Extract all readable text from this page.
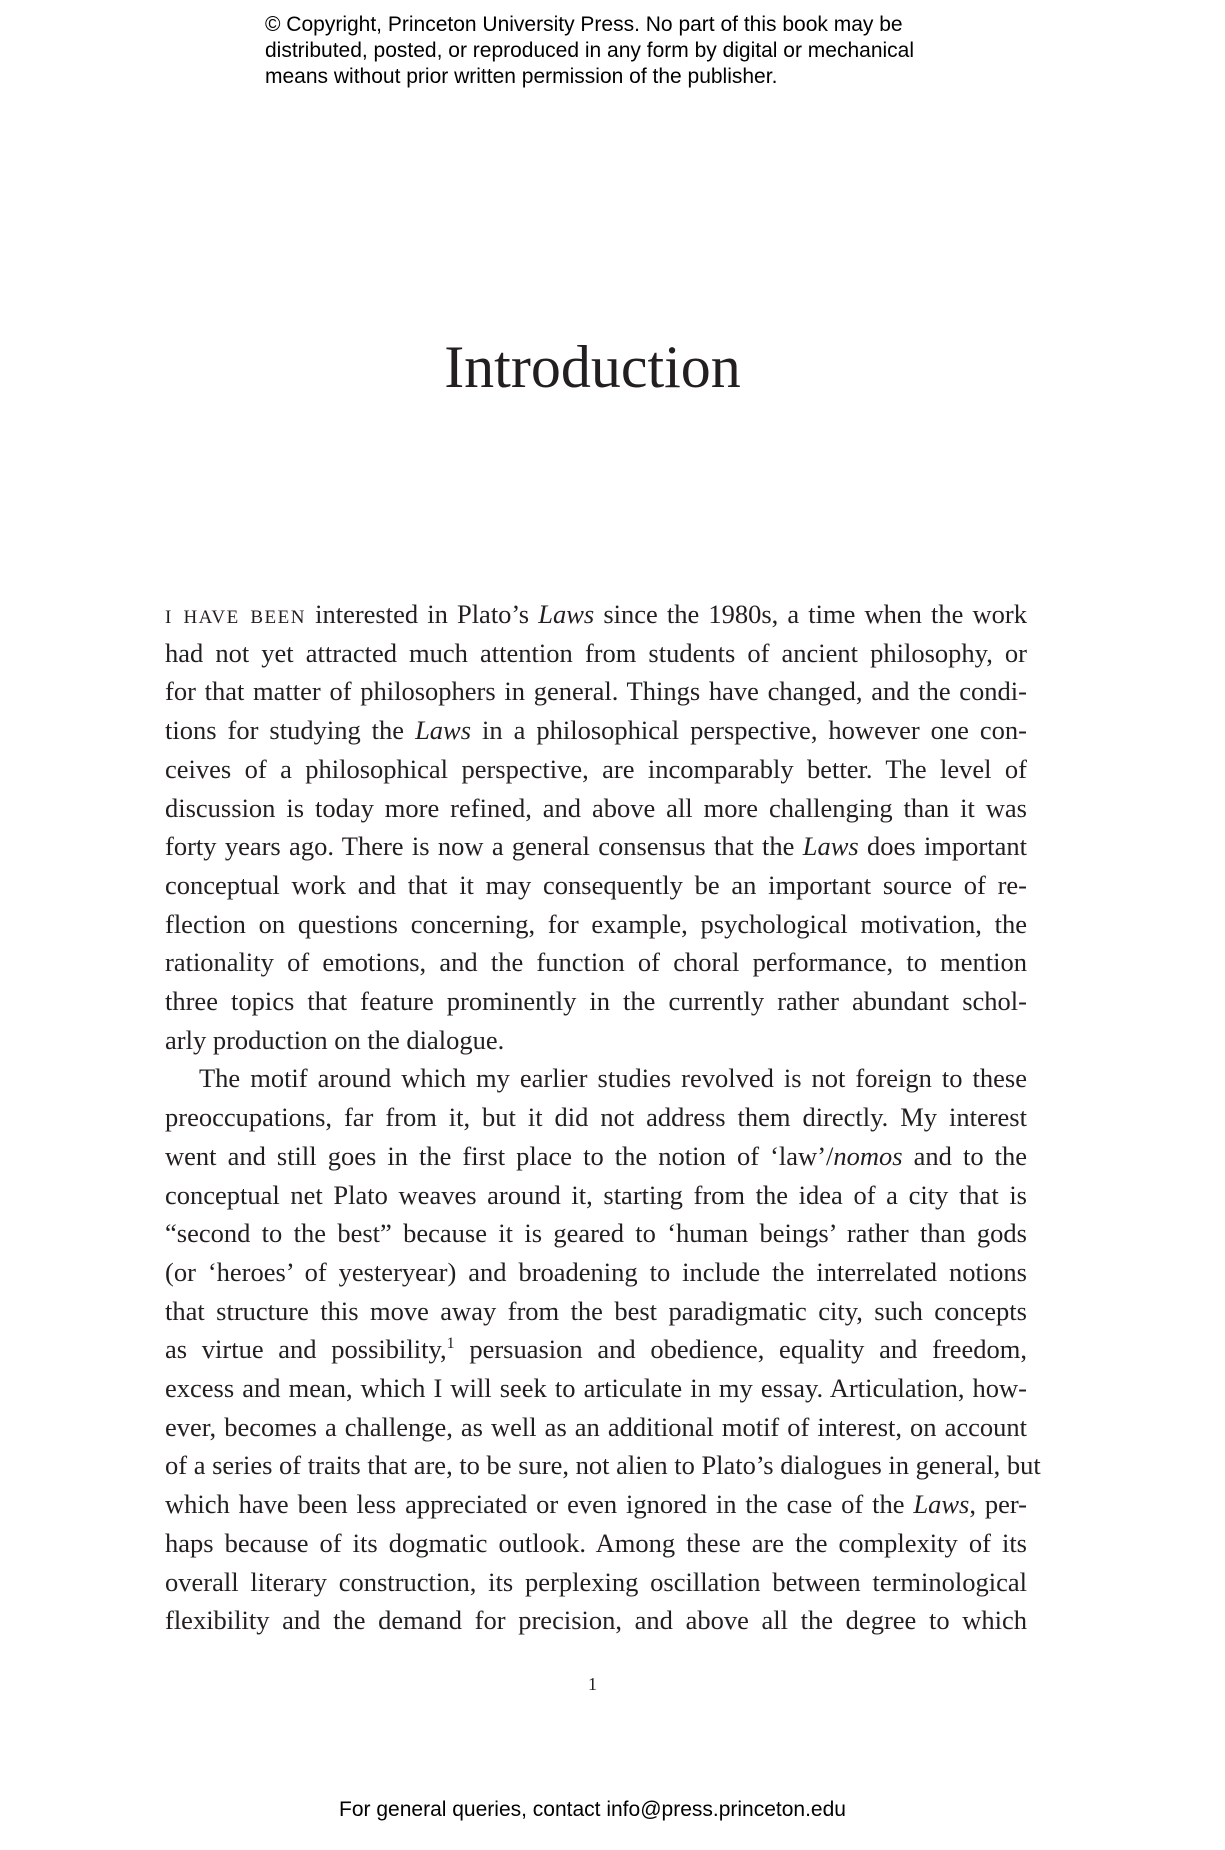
© Copyright, Princeton University Press. No part of this book may be
distributed, posted, or reproduced in any form by digital or mechanical
means without prior written permission of the publisher.
Introduction
i have been interested in Plato’s Laws since the 1980s, a time when the work
had not yet attracted much attention from students of ancient philosophy, or
for that matter of philosophers in general. Things have changed, and the condi-
tions for studying the Laws in a philosophical perspective, however one con-
ceives of a philosophical perspective, are incomparably better. The level of
discussion is today more refined, and above all more challenging than it was
forty years ago. There is now a general consensus that the Laws does important
conceptual work and that it may consequently be an important source of re-
flection on questions concerning, for example, psychological motivation, the
rationality of emotions, and the function of choral performance, to mention
three topics that feature prominently in the currently rather abundant schol-
arly production on the dialogue.
The motif around which my earlier studies revolved is not foreign to these
preoccupations, far from it, but it did not address them directly. My interest
went and still goes in the first place to the notion of ‘law’/nomos and to the
conceptual net Plato weaves around it, starting from the idea of a city that is
“second to the best” because it is geared to ‘human beings’ rather than gods
(or ‘heroes’ of yesteryear) and broadening to include the interrelated notions
that structure this move away from the best paradigmatic city, such concepts
as virtue and possibility,$^1$ persuasion and obedience, equality and freedom,
excess and mean, which I will seek to articulate in my essay. Articulation, how-
ever, becomes a challenge, as well as an additional motif of interest, on account
of a series of traits that are, to be sure, not alien to Plato’s dialogues in general, but
which have been less appreciated or even ignored in the case of the Laws, per-
haps because of its dogmatic outlook. Among these are the complexity of its
overall literary construction, its perplexing oscillation between terminological
flexibility and the demand for precision, and above all the degree to which
1
For general queries, contact info@press.princeton.edu
